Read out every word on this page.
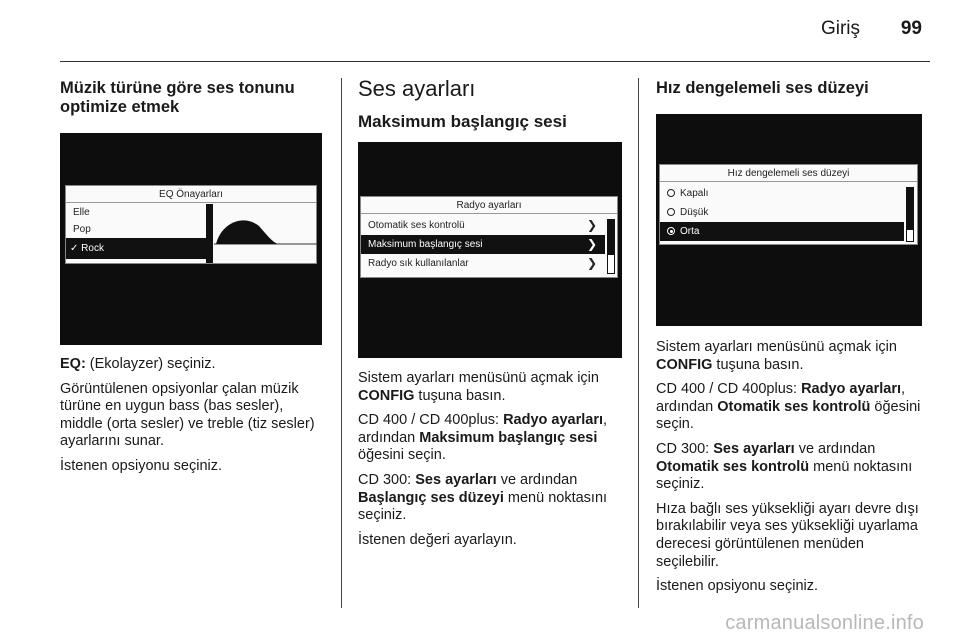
Giriş 99
Müzik türüne göre ses tonunu optimize etmek
EQ Önayarları
Elle
Pop
✓ Rock

EQ: (Ekolayzer) seçiniz.

Görüntülenen opsiyonlar çalan müzik türüne en uygun bass (bas sesler), middle (orta sesler) ve treble (tiz sesler) ayarlarını sunar.

İstenen opsiyonu seçiniz.

Ses ayarları
Maksimum başlangıç sesi
Radyo ayarları
Otomatik ses kontrolü	❯
Maksimum başlangıç sesi	❯
Radyo sık kullanılanlar	❯

Sistem ayarları menüsünü açmak için CONFIG tuşuna basın.

CD 400 / CD 400plus: Radyo ayarları, ardından Maksimum başlangıç sesi öğesini seçin.

CD 300: Ses ayarları ve ardından Başlangıç ses düzeyi menü noktasını seçiniz.

İstenen değeri ayarlayın.

Hız dengelemeli ses düzeyi
Hız dengelemeli ses düzeyi
Kapalı
Düşük
Orta

Sistem ayarları menüsünü açmak için CONFIG tuşuna basın.

CD 400 / CD 400plus: Radyo ayarları, ardından Otomatik ses kontrolü öğesini seçin.

CD 300: Ses ayarları ve ardından Otomatik ses kontrolü menü noktasını seçiniz.

Hıza bağlı ses yüksekliği ayarı devre dışı bırakılabilir veya ses yüksekliği uyarlama derecesi görüntülenen menüden seçilebilir.

İstenen opsiyonu seçiniz.

carmanualsonline.info
